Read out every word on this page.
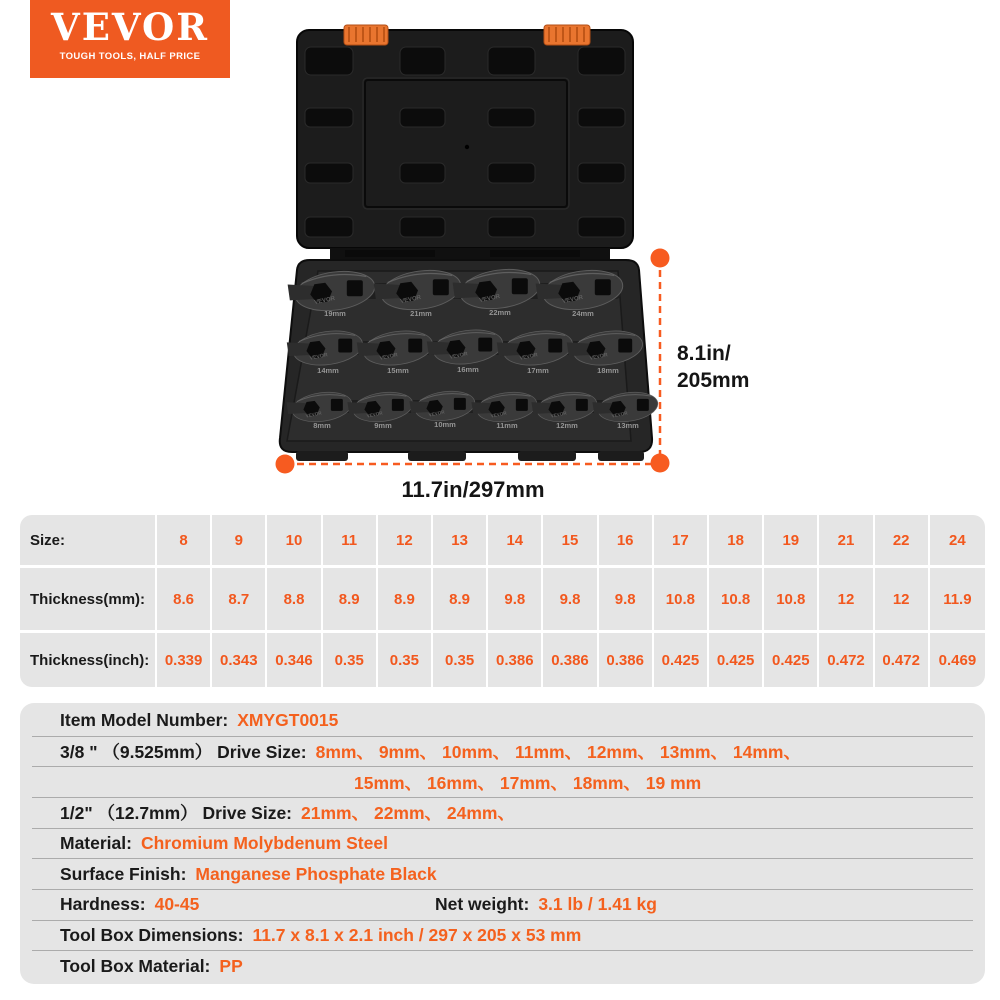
VEVOR
TOUGH TOOLS, HALF PRICE
VEVOR	VEVOR	VEVOR	VEVOR
19mm	21mm	22mm	24mm
VEVOR	VEVOR	VEVOR	VEVOR	VEVOR
14mm	15mm	16mm	17mm	18mm
VEVOR	VEVOR	VEVOR	VEVOR	VEVOR	VEVOR
8mm	9mm	10mm	11mm	12mm	13mm
8.1in/
205mm
11.7in/297mm
Size:	8	9	10	11	12	13	14	15	16	17	18	19	21	22	24
Thickness(mm):	8.6	8.7	8.8	8.9	8.9	8.9	9.8	9.8	9.8	10.8	10.8	10.8	12	12	11.9
Thickness(inch):	0.339	0.343	0.346	0.35	0.35	0.35	0.386	0.386	0.386	0.425	0.425	0.425	0.472	0.472	0.469
Item Model Number: XMYGT0015
3/8 " （9.525mm） Drive Size: 8mm、 9mm、 10mm、 11mm、 12mm、 13mm、 14mm、
15mm、 16mm、 17mm、 18mm、 19 mm
1/2" （12.7mm） Drive Size: 21mm、 22mm、 24mm、
Material: Chromium Molybdenum Steel
Surface Finish: Manganese Phosphate Black
Hardness: 40-45	Net weight: 3.1 lb / 1.41 kg
Tool Box Dimensions: 11.7 x 8.1 x 2.1 inch / 297 x 205 x 53 mm
Tool Box Material: PP
